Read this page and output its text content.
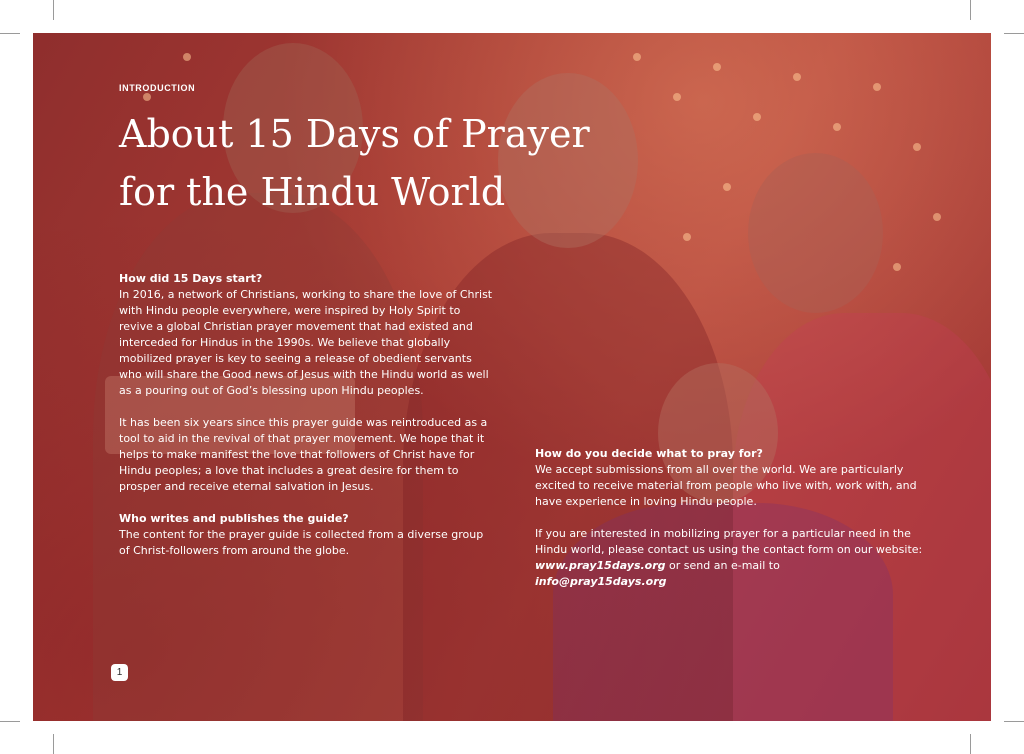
INTRODUCTION
About 15 Days of Prayer
for the Hindu World
How did 15 Days start?

In 2016, a network of Christians, working to share the love of Christ with Hindu people everywhere, were inspired by Holy Spirit to revive a global Christian prayer movement that had existed and interceded for Hindus in the 1990s. We believe that globally mobilized prayer is key to seeing a release of obedient servants who will share the Good news of Jesus with the Hindu world as well as a pouring out of God’s blessing upon Hindu peoples.

It has been six years since this prayer guide was reintroduced as a tool to aid in the revival of that prayer movement. We hope that it helps to make manifest the love that followers of Christ have for Hindu peoples; a love that includes a great desire for them to prosper and receive eternal salvation in Jesus.

Who writes and publishes the guide?

The content for the prayer guide is collected from a diverse group of Christ-followers from around the globe.

How do you decide what to pray for?

We accept submissions from all over the world. We are particularly excited to receive material from people who live with, work with, and have experience in loving Hindu people.

If you are interested in mobilizing prayer for a particular need in the Hindu world, please contact us using the contact form on our website: www.pray15days.org or send an e-mail to
info@pray15days.org

1
